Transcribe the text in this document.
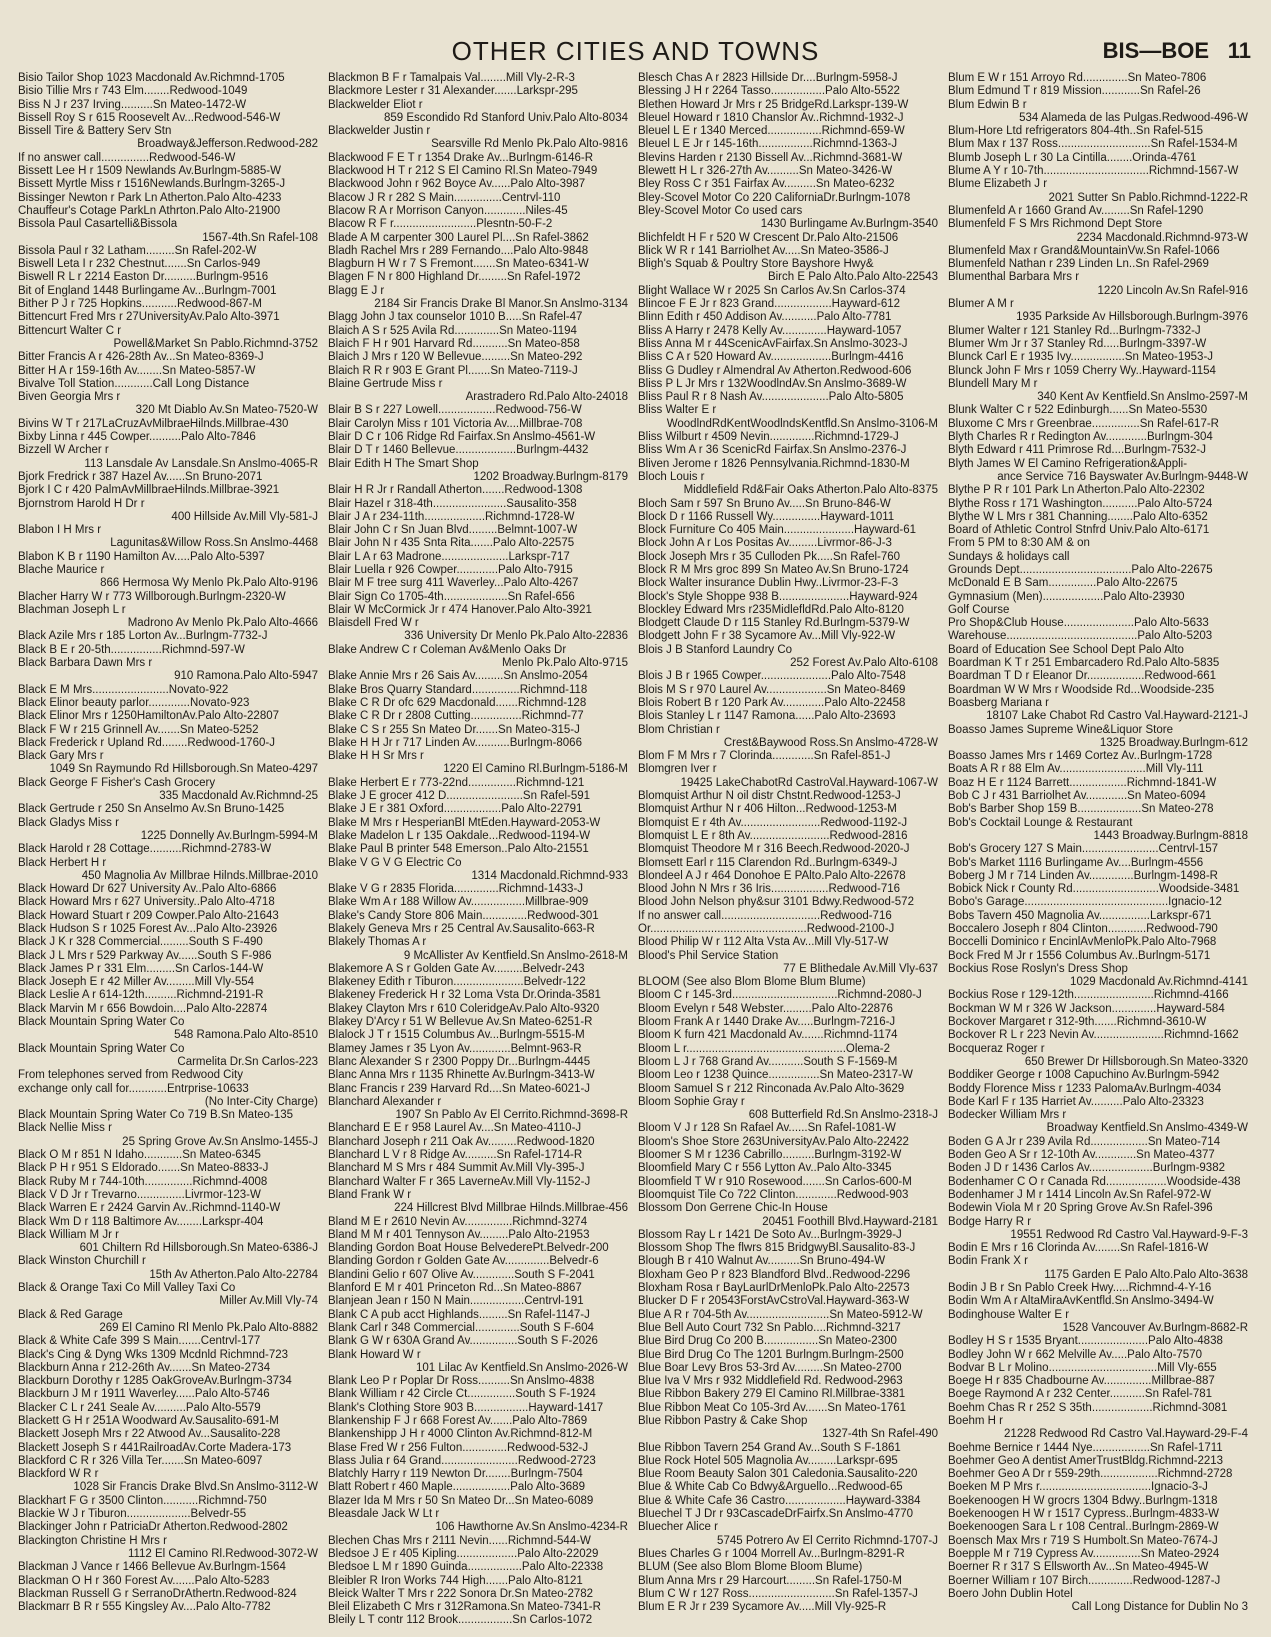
OTHER CITIES AND TOWNS	BIS—BOE 11
Bisio Tailor Shop 1023 Macdonald Av.Richmnd-1705
Bisio Tillie Mrs r 743 Elm........Redwood-1049
Biss N J r 237 Irving..........Sn Mateo-1472-W
Bissell Roy S r 615 Roosevelt Av...Redwood-546-W
Bissell Tire & Battery Serv Stn
Broadway&Jefferson.Redwood-282
If no answer call...............Redwood-546-W
Bissett Lee H r 1509 Newlands Av.Burlngm-5885-W
Bissett Myrtle Miss r 1516Newlands.Burlngm-3265-J
Bissinger Newton r Park Ln Atherton.Palo Alto-4233
Chauffeur's Cotage ParkLn Athrton.Palo Alto-21900
Bissola Paul Casartelli&Bissola
1567-4th.Sn Rafel-108
Bissola Paul r 32 Latham.........Sn Rafel-202-W
Biswell Leta I r 232 Chestnut.......Sn Carlos-949
Biswell R L r 2214 Easton Dr..........Burlngm-9516
Bit of England 1448 Burlingame Av...Burlngm-7001
Bither P J r 725 Hopkins...........Redwood-867-M
Bittencurt Fred Mrs r 27UniversityAv.Palo Alto-3971
Bittencurt Walter C r
Powell&Market Sn Pablo.Richmnd-3752
Bitter Francis A r 426-28th Av...Sn Mateo-8369-J
Bitter H A r 159-16th Av........Sn Mateo-5857-W
Bivalve Toll Station............Call Long Distance
Biven Georgia Mrs r
320 Mt Diablo Av.Sn Mateo-7520-W
Bivins W T r 217LaCruzAvMilbraeHilnds.Millbrae-430
Bixby Linna r 445 Cowper..........Palo Alto-7846
Bizzell W Archer r
113 Lansdale Av Lansdale.Sn Anslmo-4065-R
Bjork Fredrick r 387 Hazel Av......Sn Bruno-2071
Bjork I C r 420 PalmAvMillbraeHilnds.Millbrae-3921
Bjornstrom Harold H Dr r
400 Hillside Av.Mill Vly-581-J
Blabon I H Mrs r
Lagunitas&Willow Ross.Sn Anslmo-4468
Blabon K B r 1190 Hamilton Av.....Palo Alto-5397
Blache Maurice r
866 Hermosa Wy Menlo Pk.Palo Alto-9196
Blacher Harry W r 773 Willborough.Burlngm-2320-W
Blachman Joseph L r
Madrono Av Menlo Pk.Palo Alto-4666
Black Azile Mrs r 185 Lorton Av...Burlngm-7732-J
Black B E r 20-5th................Richmnd-597-W
Black Barbara Dawn Mrs r
910 Ramona.Palo Alto-5947
Black E M Mrs........................Novato-922
Black Elinor beauty parlor.............Novato-923
Black Elinor Mrs r 1250HamiltonAv.Palo Alto-22807
Black F W r 215 Grinnell Av.......Sn Mateo-5252
Black Frederick r Upland Rd........Redwood-1760-J
Black Gary Mrs r
1049 Sn Raymundo Rd Hillsborough.Sn Mateo-4297
Black George F Fisher's Cash Grocery
335 Macdonald Av.Richmnd-25
Black Gertrude r 250 Sn Anselmo Av.Sn Bruno-1425
Black Gladys Miss r
1225 Donnelly Av.Burlngm-5994-M
Black Harold r 28 Cottage..........Richmnd-2783-W
Black Herbert H r
450 Magnolia Av Millbrae Hilnds.Millbrae-2010
Black Howard Dr 627 University Av..Palo Alto-6866
Black Howard Mrs r 627 University..Palo Alto-4718
Black Howard Stuart r 209 Cowper.Palo Alto-21643
Black Hudson S r 1025 Forest Av...Palo Alto-23926
Black J K r 328 Commercial.........South S F-490
Black J L Mrs r 529 Parkway Av......South S F-986
Black James P r 331 Elm.........Sn Carlos-144-W
Black Joseph E r 42 Miller Av.........Mill Vly-554
Black Leslie A r 614-12th..........Richmnd-2191-R
Black Marvin M r 656 Bowdoin....Palo Alto-22874
Black Mountain Spring Water Co
548 Ramona.Palo Alto-8510
Black Mountain Spring Water Co
Carmelita Dr.Sn Carlos-223
From telephones served from Redwood City
exchange only call for............Entrprise-10633
(No Inter-City Charge)
Black Mountain Spring Water Co 719 B.Sn Mateo-135
Black Nellie Miss r
25 Spring Grove Av.Sn Anslmo-1455-J
Black O M r 851 N Idaho............Sn Mateo-6345
Black P H r 951 S Eldorado.......Sn Mateo-8833-J
Black Ruby M r 744-10th...............Richmnd-4008
Black V D Jr r Trevarno...............Livrmor-123-W
Black Warren E r 2424 Garvin Av..Richmnd-1140-W
Black Wm D r 118 Baltimore Av........Larkspr-404
Black William M Jr r
601 Chiltern Rd Hillsborough.Sn Mateo-6386-J
Black Winston Churchill r
15th Av Atherton.Palo Alto-22784
Black & Orange Taxi Co Mill Valley Taxi Co
Miller Av.Mill Vly-74
Black & Red Garage
269 El Camino Rl Menlo Pk.Palo Alto-8882
Black & White Cafe 399 S Main.......Centrvl-177
Black's Cing & Dyng Wks 1309 Mcdnld Richmnd-723
Blackburn Anna r 212-26th Av.......Sn Mateo-2734
Blackburn Dorothy r 1285 OakGroveAv.Burlngm-3734
Blackburn J M r 1911 Waverley......Palo Alto-5746
Blacker C L r 241 Seale Av..........Palo Alto-5579
Blackett G H r 251A Woodward Av.Sausalito-691-M
Blackett Joseph Mrs r 22 Atwood Av...Sausalito-228
Blackett Joseph S r 441RailroadAv.Corte Madera-173
Blackford C R r 326 Villa Ter.......Sn Mateo-6097
Blackford W R r
1028 Sir Francis Drake Blvd.Sn Anslmo-3112-W
Blackhart F G r 3500 Clinton...........Richmnd-750
Blackie W J r Tiburon....................Belvedr-55
Blackinger John r PatriciaDr Atherton.Redwood-2802
Blackington Christine H Mrs r
1112 El Camino Rl.Redwood-3072-W
Blackman J Vance r 1466 Bellevue Av.Burlngm-1564
Blackman O H r 360 Forest Av.......Palo Alto-5283
Blackman Russell G r SerranoDrAthertn.Redwood-824
Blackmarr B R r 555 Kingsley Av....Palo Alto-7782
Blackmon B F r Tamalpais Val........Mill Vly-2-R-3
Blackmore Lester r 31 Alexander.......Larkspr-295
Blackwelder Eliot r
859 Escondido Rd Stanford Univ.Palo Alto-8034
Blackwelder Justin r
Searsville Rd Menlo Pk.Palo Alto-9816
Blackwood F E T r 1354 Drake Av...Burlngm-6146-R
Blackwood H T r 212 S El Camino Rl.Sn Mateo-7949
Blackwood John r 962 Boyce Av......Palo Alto-3987
Blacow J R r 282 S Main...............Centrvl-110
Blacow R A r Morrison Canyon.............Niles-45
Blacow R F r..........................Plesntn-50-F-2
Blade A M carpenter 300 Laurel Pl....Sn Rafel-3862
Bladh Rachel Mrs r 289 Fernando....Palo Alto-9848
Blagburn H W r 7 S Fremont.......Sn Mateo-6341-W
Blagen F N r 800 Highland Dr.........Sn Rafel-1972
Blagg E J r
2184 Sir Francis Drake Bl Manor.Sn Anslmo-3134
Blagg John J tax counselor 1010 B.....Sn Rafel-47
Blaich A S r 525 Avila Rd..............Sn Mateo-1194
Blaich F H r 901 Harvard Rd...........Sn Mateo-858
Blaich J Mrs r 120 W Bellevue.........Sn Mateo-292
Blaich R R r 903 E Grant Pl.......Sn Mateo-7119-J
Blaine Gertrude Miss r
Arastradero Rd.Palo Alto-24018
Blair B S r 227 Lowell..................Redwood-756-W
Blair Carolyn Miss r 101 Victoria Av....Millbrae-708
Blair D C r 106 Ridge Rd Fairfax.Sn Anslmo-4561-W
Blair D T r 1460 Bellevue...................Burlngm-4432
Blair Edith H The Smart Shop
1202 Broadway.Burlngm-8179
Blair H R Jr r Randall Atherton.......Redwood-1308
Blair Hazel r 318-4th.......................Sausalito-358
Blair J A r 234-11th...................Richmnd-1728-W
Blair John C r Sn Juan Blvd.........Belmnt-1007-W
Blair John N r 435 Snta Rita.......Palo Alto-22575
Blair L A r 63 Madrone.....................Larkspr-717
Blair Luella r 926 Cowper.............Palo Alto-7915
Blair M F tree surg 411 Waverley...Palo Alto-4267
Blair Sign Co 1705-4th....................Sn Rafel-656
Blair W McCormick Jr r 474 Hanover.Palo Alto-3921
Blaisdell Fred W r
336 University Dr Menlo Pk.Palo Alto-22836
Blake Andrew C r Coleman Av&Menlo Oaks Dr
Menlo Pk.Palo Alto-9715
Blake Annie Mrs r 26 Sais Av.........Sn Anslmo-2054
Blake Bros Quarry Standard...............Richmnd-118
Blake C R Dr ofc 629 Macdonald.......Richmnd-128
Blake C R Dr r 2808 Cutting................Richmnd-77
Blake C S r 255 Sn Mateo Dr.......Sn Mateo-315-J
Blake H H Jr r 717 Linden Av...........Burlngm-8066
Blake H H Sr Mrs r
1220 El Camino Rl.Burlngm-5186-M
Blake Herbert E r 773-22nd...............Richmnd-121
Blake J E grocer 412 D........................Sn Rafel-591
Blake J E r 381 Oxford..................Palo Alto-22791
Blake M Mrs r HesperianBl MtEden.Hayward-2053-W
Blake Madelon L r 135 Oakdale...Redwood-1194-W
Blake Paul B printer 548 Emerson..Palo Alto-21551
Blake V G V G Electric Co
1314 Macdonald.Richmnd-933
Blake V G r 2835 Florida..............Richmnd-1433-J
Blake Wm A r 188 Willow Av.................Millbrae-909
Blake's Candy Store 806 Main..............Redwood-301
Blakely Geneva Mrs r 25 Central Av.Sausalito-663-R
Blakely Thomas A r
9 McAllister Av Kentfield.Sn Anslmo-2618-M
Blakemore A S r Golden Gate Av.........Belvedr-243
Blakeney Edith r Tiburon......................Belvedr-122
Blakeney Frederick H r 32 Loma Vsta Dr.Orinda-3581
Blakey Clayton Mrs r 610 ColeridgeAv.Palo Alto-9320
Blakey D'Arcy r 51 W Bellevue Av.Sn Mateo-6251-R
Blalock J T r 1515 Columbus Av...Burlngm-5515-M
Blamey James r 35 Lyon Av.............Belmnt-963-R
Blanc Alexander S r 2300 Poppy Dr...Burlngm-4445
Blanc Anna Mrs r 1135 Rhinette Av.Burlngm-3413-W
Blanc Francis r 239 Harvard Rd....Sn Mateo-6021-J
Blanchard Alexander r
1907 Sn Pablo Av El Cerrito.Richmnd-3698-R
Blanchard E E r 958 Laurel Av....Sn Mateo-4110-J
Blanchard Joseph r 211 Oak Av.........Redwood-1820
Blanchard L V r 8 Ridge Av..........Sn Rafel-1714-R
Blanchard M S Mrs r 484 Summit Av.Mill Vly-395-J
Blanchard Walter F r 365 LaverneAv.Mill Vly-1152-J
Bland Frank W r
224 Hillcrest Blvd Millbrae Hilnds.Millbrae-456
Bland M E r 2610 Nevin Av...............Richmnd-3274
Bland M M r 401 Tennyson Av.........Palo Alto-21953
Blanding Gordon Boat House BelvederePt.Belvedr-200
Blanding Gordon r Golden Gate Av..............Belvedr-6
Blandini Gelio r 607 Olive Av.............South S F-2041
Blanford E M r 401 Princeton Rd...Sn Mateo-8867
Blanjean Jean r 150 N Main.................Centrvl-191
Blank C A pub acct Highlands.........Sn Rafel-1147-J
Blank Carl r 348 Commercial..............South S F-604
Blank G W r 630A Grand Av...............South S F-2026
Blank Howard W r
101 Lilac Av Kentfield.Sn Anslmo-2026-W
Blank Leo P r Poplar Dr Ross..........Sn Anslmo-4838
Blank William r 42 Circle Ct...............South S F-1924
Blank's Clothing Store 903 B.................Hayward-1417
Blankenship F J r 668 Forest Av.......Palo Alto-7869
Blankenshipp J H r 4000 Clinton Av.Richmnd-812-M
Blase Fred W r 256 Fulton..............Redwood-532-J
Blass Julia r 64 Grand........................Redwood-2723
Blatchly Harry r 119 Newton Dr........Burlngm-7504
Blatt Robert r 460 Maple..................Palo Alto-3689
Blazer Ida M Mrs r 50 Sn Mateo Dr...Sn Mateo-6089
Bleasdale Jack W Lt r
106 Hawthorne Av.Sn Anslmo-4234-R
Blechen Chas Mrs r 2111 Nevin......Richmnd-544-W
Bledsoe J E r 405 Kipling...................Palo Alto-22029
Bledsoe L M r 1890 Guinda.................Palo Alto-22338
Bleibler R Iron Works 744 High.......Palo Alto-8121
Bleick Walter T Mrs r 222 Sonora Dr.Sn Mateo-2782
Bleil Elizabeth C Mrs r 312Ramona.Sn Mateo-7341-R
Bleily L T contr 112 Brook.................Sn Carlos-1072
Blesch Chas A r 2823 Hillside Dr....Burlngm-5958-J
Blessing J H r 2264 Tasso.................Palo Alto-5522
Blethen Howard Jr Mrs r 25 BridgeRd.Larkspr-139-W
Bleuel Howard r 1810 Chanslor Av..Richmnd-1932-J
Bleuel L E r 1340 Merced.................Richmnd-659-W
Bleuel L E Jr r 145-16th.................Richmnd-1363-J
Blevins Harden r 2130 Bissell Av...Richmnd-3681-W
Blewett H L r 326-27th Av..........Sn Mateo-3426-W
Bley Ross C r 351 Fairfax Av..........Sn Mateo-6232
Bley-Scovel Motor Co 220 CaliforniaDr.Burlngm-1078
Bley-Scovel Motor Co used cars
1430 Burlingame Av.Burlngm-3540
Blichfeldt H F r 520 W Crescent Dr.Palo Alto-21506
Blick W R r 141 Barriolhet Av.....Sn Mateo-3586-J
Bligh's Squab & Poultry Store Bayshore Hwy&
Birch E Palo Alto.Palo Alto-22543
Blight Wallace W r 2025 Sn Carlos Av.Sn Carlos-374
Blincoe F E Jr r 823 Grand..................Hayward-612
Blinn Edith r 450 Addison Av...........Palo Alto-7781
Bliss A Harry r 2478 Kelly Av..............Hayward-1057
Bliss Anna M r 44ScenicAvFairfax.Sn Anslmo-3023-J
Bliss C A r 520 Howard Av...................Burlngm-4416
Bliss G Dudley r Almendral Av Atherton.Redwood-606
Bliss P L Jr Mrs r 132WoodlndAv.Sn Anslmo-3689-W
Bliss Paul R r 8 Nash Av.....................Palo Alto-5805
Bliss Walter E r
WoodlndRdKentWoodlndsKentfld.Sn Anslmo-3106-M
Bliss Wilburt r 4509 Nevin..............Richmnd-1729-J
Bliss Wm A r 36 ScenicRd Fairfax.Sn Anslmo-2376-J
Bliven Jerome r 1826 Pennsylvania.Richmnd-1830-M
Bloch Louis r
Middlefield Rd&Fair Oaks Atherton.Palo Alto-8375
Bloch Sam r 597 Sn Bruno Av.....Sn Bruno-846-W
Block D r 1166 Russell Wy...............Hayward-1011
Block Furniture Co 405 Main......................Hayward-61
Block John A r Los Positas Av.........Livrmor-86-J-3
Block Joseph Mrs r 35 Culloden Pk.....Sn Rafel-760
Block R M Mrs groc 899 Sn Mateo Av.Sn Bruno-1724
Block Walter insurance Dublin Hwy..Livrmor-23-F-3
Block's Style Shoppe 938 B......................Hayward-924
Blockley Edward Mrs r235MidlefldRd.Palo Alto-8120
Blodgett Claude D r 115 Stanley Rd.Burlngm-5379-W
Blodgett John F r 38 Sycamore Av...Mill Vly-922-W
Blois J B Stanford Laundry Co
252 Forest Av.Palo Alto-6108
Blois J B r 1965 Cowper......................Palo Alto-7548
Blois M S r 970 Laurel Av...................Sn Mateo-8469
Blois Robert B r 120 Park Av.............Palo Alto-22458
Blois Stanley L r 1147 Ramona......Palo Alto-23693
Blom Christian r
Crest&Baywood Ross.Sn Anslmo-4728-W
Blom F M Mrs r 7 Clorinda.............Sn Rafel-851-J
Blomgren Iver r
19425 LakeChabotRd CastroVal.Hayward-1067-W
Blomquist Arthur N oil distr Chstnt.Redwood-1253-J
Blomquist Arthur N r 406 Hilton...Redwood-1253-M
Blomquist E r 4th Av.........................Redwood-1192-J
Blomquist L E r 8th Av.........................Redwood-2816
Blomquist Theodore M r 316 Beech.Redwood-2020-J
Blomsett Earl r 115 Clarendon Rd..Burlngm-6349-J
Blondeel A J r 464 Donohoe E PAlto.Palo Alto-22678
Blood John N Mrs r 36 Iris..................Redwood-716
Blood John Nelson phy&sur 3101 Bdwy.Redwood-572
If no answer call...............................Redwood-716
Or.................................................Redwood-2100-J
Blood Philip W r 112 Alta Vsta Av...Mill Vly-517-W
Blood's Phil Service Station
77 E Blithedale Av.Mill Vly-637
BLOOM (See also Blom Blome Blum Blume)
Bloom C r 145-3rd.................................Richmnd-2080-J
Bloom Evelyn r 548 Webster.........Palo Alto-22876
Bloom Frank A r 1440 Drake Av.....Burlngm-7216-J
Bloom K furn 421 Macdonald Av.......Richmnd-1174
Bloom L r..................................................Olema-2
Bloom L J r 768 Grand Av...........South S F-1569-M
Bloom Leo r 1238 Quince................Sn Mateo-2317-W
Bloom Samuel S r 212 Rinconada Av.Palo Alto-3629
Bloom Sophie Gray r
608 Butterfield Rd.Sn Anslmo-2318-J
Bloom V J r 128 Sn Rafael Av......Sn Rafel-1081-W
Bloom's Shoe Store 263UniversityAv.Palo Alto-22422
Bloomer S M r 1236 Cabrillo..........Burlngm-3192-W
Bloomfield Mary C r 556 Lytton Av..Palo Alto-3345
Bloomfield T W r 910 Rosewood.......Sn Carlos-600-M
Bloomquist Tile Co 722 Clinton.............Redwood-903
Blossom Don Gerrene Chic-In House
20451 Foothill Blvd.Hayward-2181
Blossom Ray L r 1421 De Soto Av...Burlngm-3929-J
Blossom Shop The flwrs 815 BridgwyBl.Sausalito-83-J
Blough B r 410 Walnut Av..........Sn Bruno-494-W
Bloxham Geo P r 823 Blandford Blvd..Redwood-2296
Bloxham Rosa r BayLaurlDrMenloPk.Palo Alto-22573
Blucker D F r 20543ForstAvCstroVal.Hayward-363-W
Blue A R r 704-5th Av..........................Sn Mateo-5912-W
Blue Bell Auto Court 732 Sn Pablo....Richmnd-3217
Blue Bird Drug Co 200 B.................Sn Mateo-2300
Blue Bird Drug Co The 1201 Burlngm.Burlngm-2500
Blue Boar Levy Bros 53-3rd Av.........Sn Mateo-2700
Blue Iva V Mrs r 932 Middlefield Rd. Redwood-2963
Blue Ribbon Bakery 279 El Camino Rl.Millbrae-3381
Blue Ribbon Meat Co 105-3rd Av.......Sn Mateo-1761
Blue Ribbon Pastry & Cake Shop
1327-4th Sn Rafel-490
Blue Ribbon Tavern 254 Grand Av...South S F-1861
Blue Rock Hotel 505 Magnolia Av.........Larkspr-695
Blue Room Beauty Salon 301 Caledonia.Sausalito-220
Blue & White Cab Co Bdwy&Arguello...Redwood-65
Blue & White Cafe 36 Castro...................Hayward-3384
Bluechel T J Dr r 93CascadeDrFairfx.Sn Anslmo-4770
Bluecher Alice r
5745 Potrero Av El Cerrito Richmnd-1707-J
Blues Charles G r 1004 Morrell Av...Burlngm-8291-R
BLUM (See also Blom Blome Bloom Blume)
Blum Anna Mrs r 29 Harcourt.........Sn Rafel-1750-M
Blum C W r 127 Ross...........................Sn Rafel-1357-J
Blum E R Jr r 239 Sycamore Av.....Mill Vly-925-R
Blum E W r 151 Arroyo Rd..............Sn Mateo-7806
Blum Edmund T r 819 Mission............Sn Rafel-26
Blum Edwin B r
534 Alameda de las Pulgas.Redwood-496-W
Blum-Hore Ltd refrigerators 804-4th..Sn Rafel-515
Blum Max r 137 Ross.............................Sn Rafel-1534-M
Blumb Joseph L r 30 La Cintilla........Orinda-4761
Blume A Y r 10-7th.................................Richmnd-1567-W
Blume Elizabeth J r
2021 Sutter Sn Pablo.Richmnd-1222-R
Blumenfeld A r 1660 Grand Av.........Sn Rafel-1290
Blumenfeld F S Mrs Richmond Dept Store
2234 Macdonald.Richmnd-973-W
Blumenfeld Max r Grand&MountainVw.Sn Rafel-1066
Blumenfeld Nathan r 239 Linden Ln..Sn Rafel-2969
Blumenthal Barbara Mrs r
1220 Lincoln Av.Sn Rafel-916
Blumer A M r
1935 Parkside Av Hillsborough.Burlngm-3976
Blumer Walter r 121 Stanley Rd...Burlngm-7332-J
Blumer Wm Jr r 37 Stanley Rd.....Burlngm-3397-W
Blunck Carl E r 1935 Ivy.................Sn Mateo-1953-J
Blunck John F Mrs r 1059 Cherry Wy..Hayward-1154
Blundell Mary M r
340 Kent Av Kentfield.Sn Anslmo-2597-M
Blunk Walter C r 522 Edinburgh......Sn Mateo-5530
Bluxome C Mrs r Greenbrae...............Sn Rafel-617-R
Blyth Charles R r Redington Av.............Burlngm-304
Blyth Edward r 411 Primrose Rd....Burlngm-7532-J
Blyth James W El Camino Refrigeration&Appli-
ance Service 716 Bayswater Av.Burlngm-9448-W
Blythe P R r 101 Park Ln Atherton.Palo Alto-22302
Blythe Ross r 171 Washington...........Palo Alto-5724
Blythe W L Mrs r 381 Channing........Palo Alto-6352
Board of Athletic Control Stnfrd Univ.Palo Alto-6171
From 5 PM to 8:30 AM & on
Sundays & holidays call
Grounds Dept...................................Palo Alto-22675
McDonald E B Sam...............Palo Alto-22675
Gymnasium (Men)...................Palo Alto-23930
Golf Course
Pro Shop&Club House......................Palo Alto-5633
Warehouse.........................................Palo Alto-5203
Board of Education See School Dept Palo Alto
Boardman K T r 251 Embarcadero Rd.Palo Alto-5835
Boardman T D r Eleanor Dr..................Redwood-661
Boardman W W Mrs r Woodside Rd...Woodside-235
Boasberg Mariana r
18107 Lake Chabot Rd Castro Val.Hayward-2121-J
Boasso James Supreme Wine&Liquor Store
1325 Broadway.Burlngm-612
Boasso James Mrs r 1469 Cortez Av..Burlngm-1728
Boats A R r 88 Elm Av...........................Mill Vly-111
Boaz H E r 1124 Barrett..................Richmnd-1841-W
Bob C J r 431 Barriolhet Av.............Sn Mateo-6094
Bob's Barber Shop 159 B....................Sn Mateo-278
Bob's Cocktail Lounge & Restaurant
1443 Broadway.Burlngm-8818
Bob's Grocery 127 S Main........................Centrvl-157
Bob's Market 1116 Burlingame Av....Burlngm-4556
Boberg J M r 714 Linden Av..............Burlngm-1498-R
Bobick Nick r County Rd...........................Woodside-3481
Bobo's Garage.............................................Ignacio-12
Bobs Tavern 450 Magnolia Av................Larkspr-671
Boccalero Joseph r 804 Clinton............Redwood-790
Boccelli Dominico r EncinlAvMenloPk.Palo Alto-7968
Bock Fred M Jr r 1556 Columbus Av..Burlngm-5171
Bockius Rose Roslyn's Dress Shop
1029 Macdonald Av.Richmnd-4141
Bockius Rose r 129-12th.........................Richmnd-4166
Bockman W M r 326 W Jackson..............Hayward-584
Bockover Margaret r 312-9th.......Richmnd-3610-W
Bockover R L r 223 Nevin Av......................Richmnd-1662
Bocqueraz Roger r
650 Brewer Dr Hillsborough.Sn Mateo-3320
Boddiker George r 1008 Capuchino Av.Burlngm-5942
Boddy Florence Miss r 1233 PalomaAv.Burlngm-4034
Bode Karl F r 135 Harriet Av..........Palo Alto-23323
Bodecker William Mrs r
Broadway Kentfield.Sn Anslmo-4349-W
Boden G A Jr r 239 Avila Rd..................Sn Mateo-714
Boden Geo A Sr r 12-10th Av.............Sn Mateo-4377
Boden J D r 1436 Carlos Av....................Burlngm-9382
Bodenhamer C O r Canada Rd...................Woodside-438
Bodenhamer J M r 1414 Lincoln Av.Sn Rafel-972-W
Bodewin Viola M r 20 Spring Grove Av.Sn Rafel-396
Bodge Harry R r
19551 Redwood Rd Castro Val.Hayward-9-F-3
Bodin E Mrs r 16 Clorinda Av........Sn Rafel-1816-W
Bodin Frank X r
1175 Garden E Palo Alto.Palo Alto-3638
Bodin J B r Sn Pablo Creek Hwy.....Richmnd-4-Y-16
Bodin Wm A r AltaMiraAvKentfld.Sn Anslmo-3494-W
Bodinghouse Walter E r
1528 Vancouver Av.Burlngm-8682-R
Bodley H S r 1535 Bryant......................Palo Alto-4838
Bodley John W r 662 Melville Av.....Palo Alto-7570
Bodvar B L r Molino..................................Mill Vly-655
Boege H r 835 Chadbourne Av...............Millbrae-887
Boege Raymond A r 232 Center...........Sn Rafel-781
Boehm Chas R r 252 S 35th...................Richmnd-3081
Boehm H r
21228 Redwood Rd Castro Val.Hayward-29-F-4
Boehme Bernice r 1444 Nye..................Sn Rafel-1711
Boehmer Geo A dentist AmerTrustBldg.Richmnd-2213
Boehmer Geo A Dr r 559-29th..................Richmnd-2728
Boeken M P Mrs r...................................Ignacio-3-J
Boekenoogen H W grocrs 1304 Bdwy..Burlngm-1318
Boekenoogen H W r 1517 Cypress..Burlngm-4833-W
Boekenoogen Sara L r 108 Central..Burlngm-2869-W
Boensch Max Mrs r 719 S Humbolt.Sn Mateo-7674-J
Boepple M r 719 Cypress Av...............Sn Mateo-2924
Boerner R r 317 S Ellsworth Av...Sn Mateo-4945-W
Boerner William r 107 Birch..............Redwood-1287-J
Boero John Dublin Hotel
Call Long Distance for Dublin No 3
